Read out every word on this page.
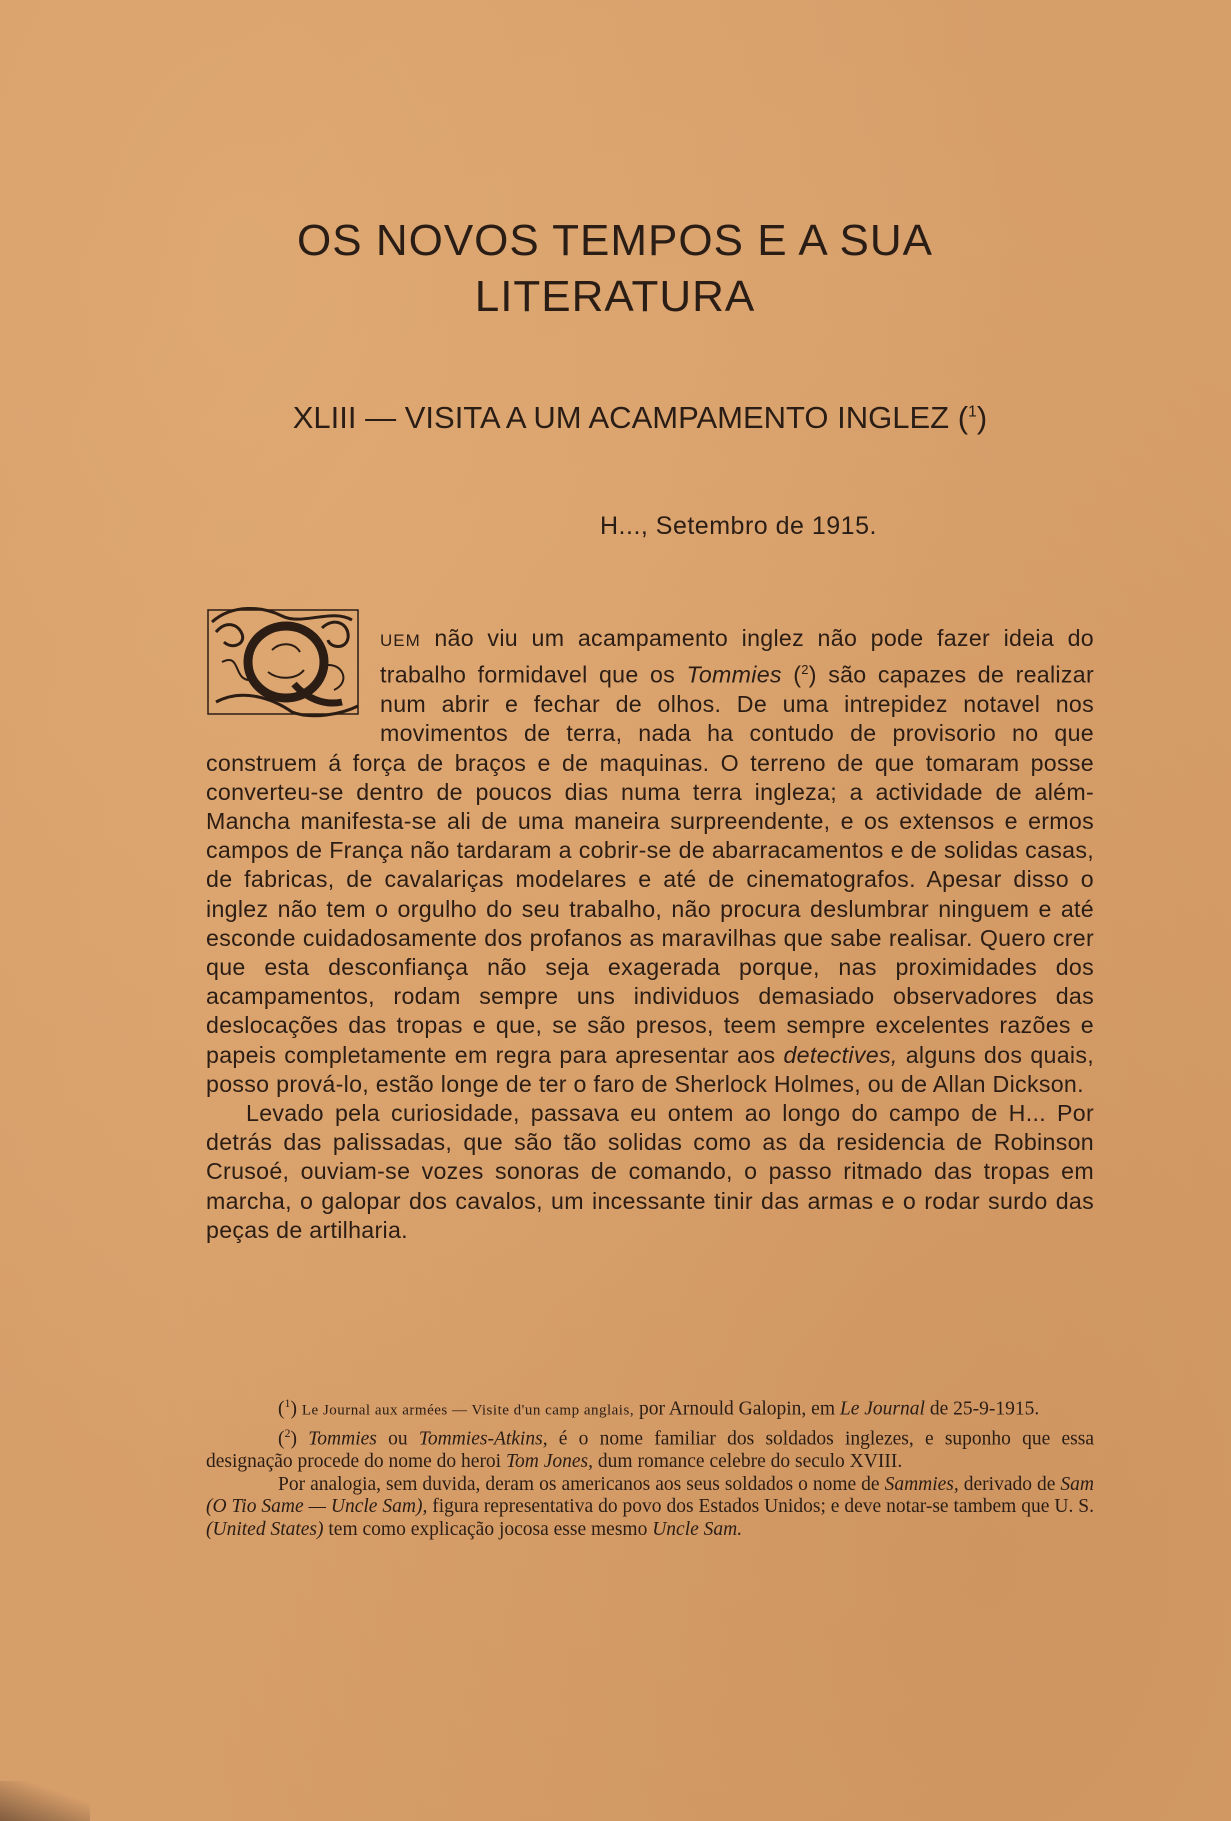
OS NOVOS TEMPOS E A SUA
LITERATURA
XLIII — VISITA A UM ACAMPAMENTO INGLEZ ($^1$)
H..., Setembro de 1915.

UEM não viu um acampamento inglez não pode fazer ideia do trabalho formidavel que os Tommies ($^2$) são capazes de realizar num abrir e fechar de olhos. De uma intrepidez notavel nos movimentos de terra, nada ha contudo de provisorio no que construem á força de braços e de maquinas. O terreno de que tomaram posse converteu-se dentro de poucos dias numa terra ingleza; a actividade de além-Mancha manifesta-se ali de uma maneira surpreendente, e os extensos e ermos campos de França não tardaram a cobrir-se de abarracamentos e de solidas casas, de fabricas, de cavalariças modelares e até de cinematografos. Apesar disso o inglez não tem o orgulho do seu trabalho, não procura deslumbrar ninguem e até esconde cuidadosamente dos profanos as maravilhas que sabe realisar. Quero crer que esta desconfiança não seja exagerada porque, nas proximidades dos acampamentos, rodam sempre uns individuos demasiado observadores das deslocações das tropas e que, se são presos, teem sempre excelentes razões e papeis completamente em regra para apresentar aos detectives, alguns dos quais, posso prová-lo, estão longe de ter o faro de Sherlock Holmes, ou de Allan Dickson.

Levado pela curiosidade, passava eu ontem ao longo do campo de H... Por detrás das palissadas, que são tão solidas como as da residencia de Robinson Crusoé, ouviam-se vozes sonoras de comando, o passo ritmado das tropas em marcha, o galopar dos cavalos, um incessante tinir das armas e o rodar surdo das peças de artilharia.

($^1$) Le Journal aux armées — Visite d'un camp anglais, por Arnould Galopin, em Le Journal de 25-9-1915.

($^2$) Tommies ou Tommies-Atkins, é o nome familiar dos soldados inglezes, e suponho que essa designação procede do nome do heroi Tom Jones, dum romance celebre do seculo XVIII.

Por analogia, sem duvida, deram os americanos aos seus soldados o nome de Sammies, derivado de Sam (O Tio Same — Uncle Sam), figura representativa do povo dos Estados Unidos; e deve notar-se tambem que U. S. (United States) tem como explicação jocosa esse mesmo Uncle Sam.
